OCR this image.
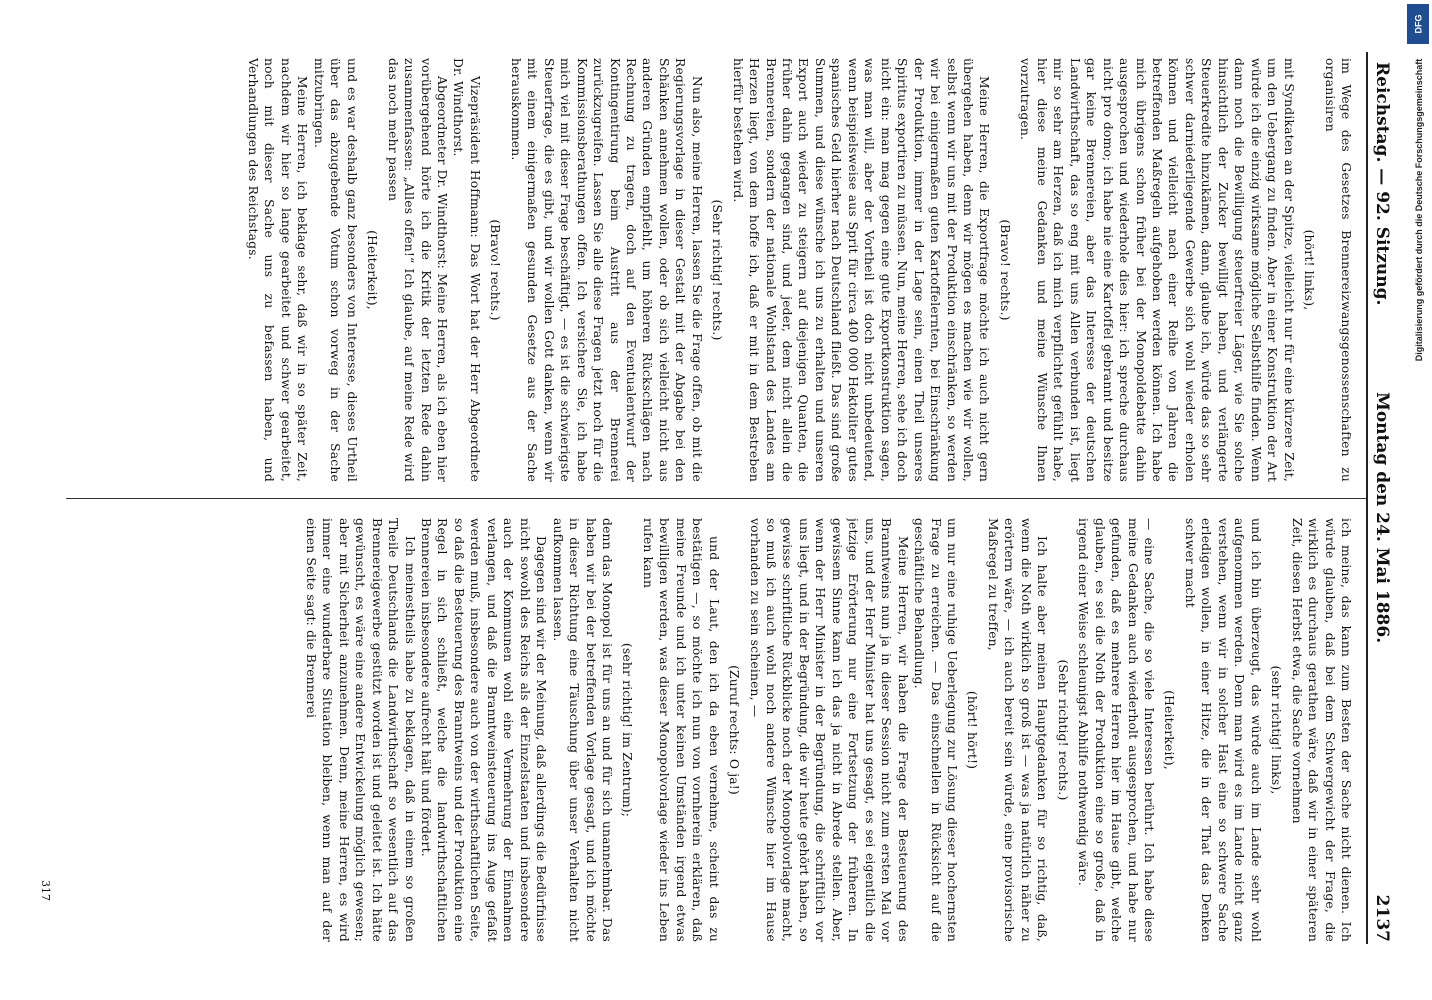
Reichstag. — 92. Sitzung.
Montag den 24. Mai 1886.
2137

im Wege des Gesetzes Brennereizwangsgenossenschaften zu organisiren

(hört! links),

mit Syndikaten an der Spitze, vielleicht nur für eine kürzere Zeit, um den Uebergang zu finden. Aber in einer Konstruktion der Art würde ich die einzig wirksame mögliche Selbsthilfe finden. Wenn dann noch die Bewilligung steuerfreier Läger, wie Sie solche hinsichtlich der Zucker bewilligt haben, und verlängerte Steuerkredite hinzukämen, dann, glaube ich, würde das so sehr schwer darniederliegende Gewerbe sich wohl wieder erholen können und vielleicht nach einer Reihe von Jahren die betreffenden Maßregeln aufgehoben werden können. Ich habe mich übrigens schon früher bei der Monopoldebatte dahin ausgesprochen und wiederhole dies hier: ich spreche durchaus nicht pro domo; ich habe nie eine Kartoffel gebrannt und besitze gar keine Brennereien, aber das Interesse der deutschen Landwirthschaft, das so eng mit uns Allen verbunden ist, liegt mir so sehr am Herzen, daß ich mich verpflichtet gefühlt habe, hier diese meine Gedanken und meine Wünsche Ihnen vorzutragen.

(Bravo! rechts.)

Meine Herren, die Exportfrage möchte ich auch nicht gern übergehen haben, denn wir mögen es machen wie wir wollen, selbst wenn wir uns mit der Produktion einschränken, so werden wir bei einigermaßen guten Kartoffelernten, bei Einschränkung der Produktion, immer in der Lage sein, einen Theil unseres Spiritus exportiren zu müssen. Nun, meine Herren, sehe ich doch nicht ein: man mag gegen eine gute Exportkonstruktion sagen, was man will, aber der Vortheil ist doch nicht unbedeutend, wenn beispielsweise aus Sprit für circa 400 000 Hektoliter gutes spanisches Geld hierher nach Deutschland fließt. Das sind große Summen, und diese wünsche ich uns zu erhalten und unseren Export auch wieder zu steigern auf diejenigen Quanten, die früher dahin gegangen sind, und jeder, dem nicht allein die Brennereien, sondern der nationale Wohlstand des Landes am Herzen liegt, von dem hoffe ich, daß er mit in dem Bestreben hierfür bestehen wird.

(Sehr richtig! rechts.)

Nun also, meine Herren, lassen Sie die Frage offen, ob mit die Regierungsvorlage in dieser Gestalt mit der Abgabe bei den Schänken annehmen wollen, oder ob sich vielleicht nicht aus anderen Gründen empfiehlt, um höheren Rückschlägen nach Rechnung zu tragen, doch auf den Eventualentwurf der Kontingentirung beim Austritt aus der Brennerei zurückzugreifen. Lassen Sie alle diese Fragen jetzt noch für die Kommissionsberathungen offen. Ich versichere Sie, ich habe mich viel mit dieser Frage beschäftigt, — es ist die schwierigste Steuerfrage, die es gibt, und wir wollen Gott danken, wenn wir mit einem einigermaßen gesunden Gesetze aus der Sache herauskommen.

(Bravo! rechts.)

Vizepräsident Hoffmann: Das Wort hat der Herr Abgeordnete Dr. Windthorst.

Abgeordneter Dr. Windthorst: Meine Herren, als ich eben hier vorübergehend hörte ich die Kritik der letzten Rede dahin zusammenfassen: „Alles offen!“ Ich glaube, auf meine Rede wird das noch mehr passen

(Heiterkeit),

und es war deshalb ganz besonders von Interesse, dieses Urtheil über das abzugebende Votum schon vorweg in der Sache mitzubringen.

Meine Herren, ich beklage sehr, daß wir in so später Zeit, nachdem wir hier so lange gearbeitet und schwer gearbeitet, noch mit dieser Sache uns zu befassen haben, und Verhandlungen des Reichstags.

ich meine, das kann zum Besten der Sache nicht dienen. Ich würde glauben, daß bei dem Schwergewicht der Frage, die wirklich es durchaus gerathen wäre, daß wir in einer späteren Zeit, diesen Herbst etwa, die Sache vornehmen

(sehr richtig! links),

und ich bin überzeugt, das würde auch im Lande sehr wohl aufgenommen werden. Denn man wird es im Lande nicht ganz verstehen, wenn wir in solcher Hast eine so schwere Sache erledigen wollen, in einer Hitze, die in der That das Denken schwer macht

(Heiterkeit),

— eine Sache, die so viele Interessen berührt. Ich habe diese meine Gedanken auch wiederholt ausgesprochen, und habe nur gefunden, daß es mehrere Herren hier im Hause gibt, welche glauben, es sei die Noth der Produktion eine so große, daß in irgend einer Weise schleunigst Abhilfe nothwendig wäre.

(Sehr richtig! rechts.)

Ich halte aber meinen Hauptgedanken für so richtig, daß, wenn die Noth wirklich so groß ist — was ja natürlich näher zu erörtern wäre, — ich auch bereit sein würde, eine provisorische Maßregel zu treffen,

(hört! hört!)

um nur eine ruhige Ueberlegung zur Lösung dieser hochernsten Frage zu erreichen. — Das einschnellen in Rücksicht auf die geschäftliche Behandlung.

Meine Herren, wir haben die Frage der Besteuerung des Branntweins nun ja in dieser Session nicht zum ersten Mal vor uns, und der Herr Minister hat uns gesagt, es sei eigentlich die jetzige Erörterung nur eine Fortsetzung der früheren. In gewissem Sinne kann ich das ja nicht in Abrede stellen. Aber, wenn der Herr Minister in der Begründung, die schriftlich vor uns liegt, und in der Begründung, die wir heute gehört haben, so gewisse schriftliche Rückblicke noch der Monopolvorlage macht, so muß ich auch wohl noch andere Wünsche hier im Hause vorhanden zu sein scheinen, —

(Zuruf rechts: O ja!)

und der Laut, den ich da eben vernehme, scheint das zu bestätigen —, so möchte ich nun von vornherein erklären, daß meine Freunde und ich unter keinen Umständen irgend etwas bewilligen werden, was dieser Monopolvorlage wieder ins Leben rufen kann

(sehr richtig! im Zentrum);

denn das Monopol ist für uns an und für sich unannehmbar. Das haben wir bei der betreffenden Vorlage gesagt, und ich möchte in dieser Richtung eine Täuschung über unser Verhalten nicht aufkommen lassen.

Dagegen sind wir der Meinung, daß allerdings die Bedürfnisse nicht sowohl des Reichs als der Einzelstaaten und insbesondere auch der Kommunen wohl eine Vermehrung der Einnahmen verlangen, und daß die Branntweinsteuerung ins Auge gefaßt werden muß, insbesondere auch von der wirthschaftlichen Seite, so daß die Besteuerung des Branntweins und der Produktion eine Regel in sich schließt, welche die landwirthschaftlichen Brennereien insbesondere aufrecht hält und fördert.

Ich meinestheils habe zu beklagen, daß in einem so großen Theile Deutschlands die Landwirthschaft so wesentlich auf das Brennereigewerbe gestützt worden ist und geleitet ist. Ich hätte gewünscht, es wäre eine andere Entwickelung möglich gewesen; aber mit Sicherheit anzunehmen. Denn, meine Herren, es wird immer eine wunderbare Situation bleiben, wenn man auf der einen Seite sagt: die Brennerei

317
DFG
Digitalisierung gefördert durch die Deutsche Forschungsgemeinschaft
